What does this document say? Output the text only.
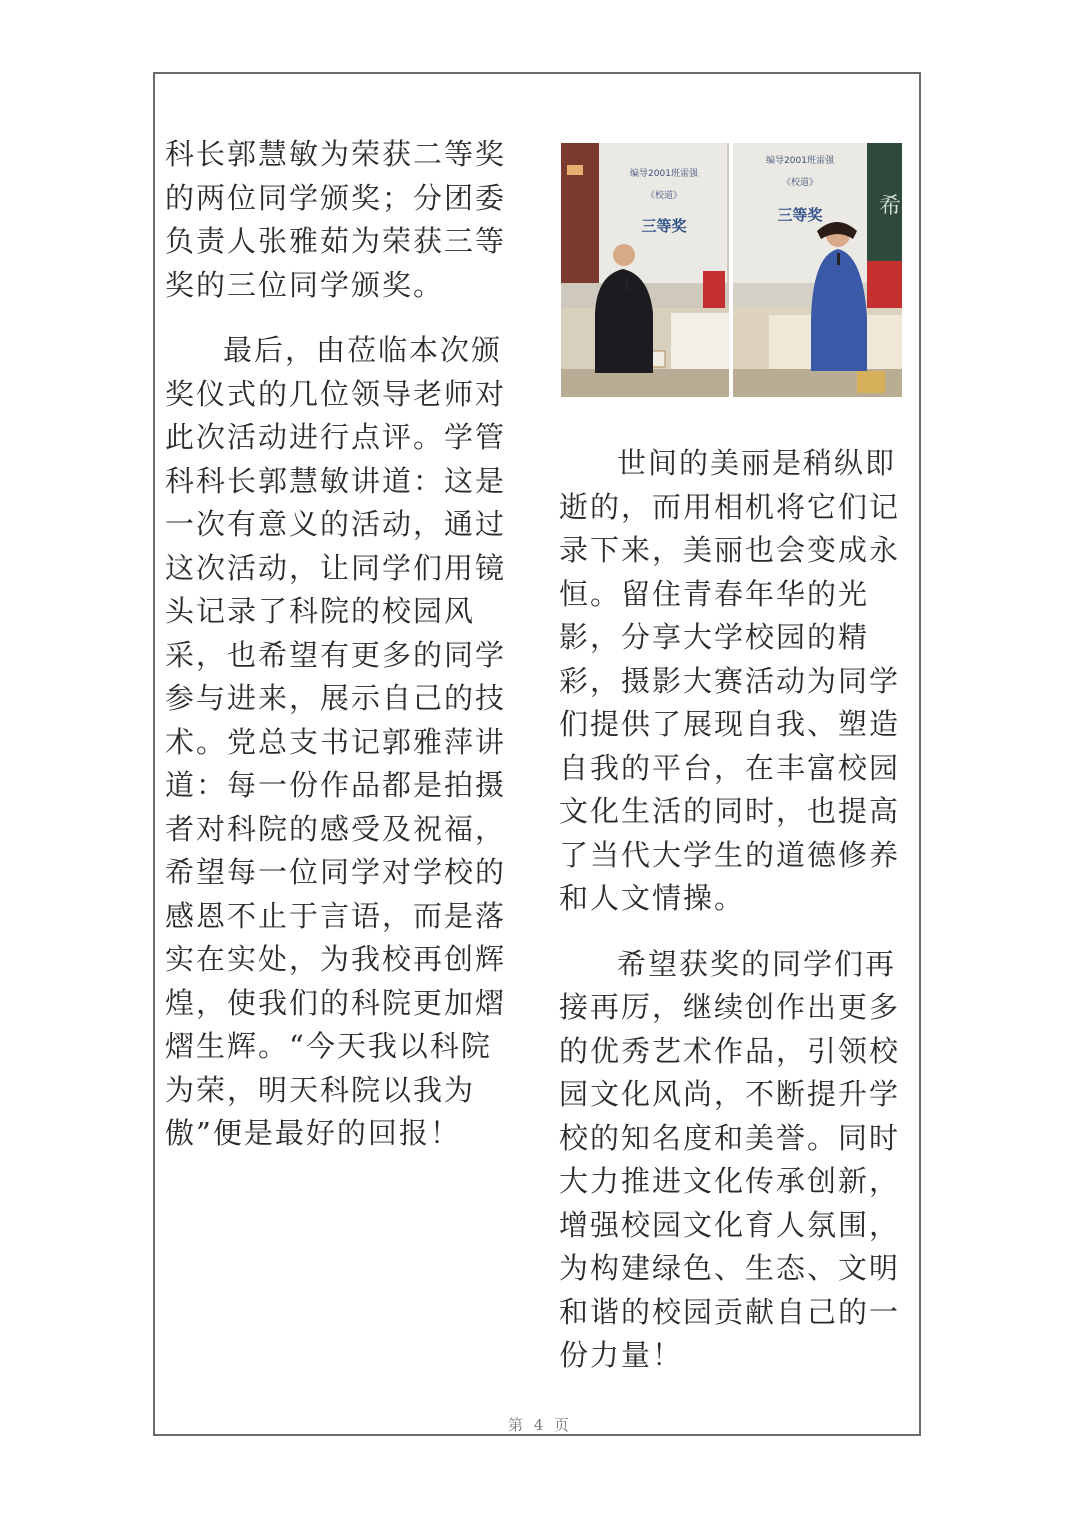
科长郭慧敏为荣获二等奖的两位同学颁奖；分团委负责人张雅茹为荣获三等奖的三位同学颁奖。

最后，由莅临本次颁奖仪式的几位领导老师对此次活动进行点评。学管科科长郭慧敏讲道：这是一次有意义的活动，通过这次活动，让同学们用镜头记录了科院的校园风采，也希望有更多的同学参与进来，展示自己的技术。党总支书记郭雅萍讲道：每一份作品都是拍摄者对科院的感受及祝福，希望每一位同学对学校的感恩不止于言语，而是落实在实处，为我校再创辉煌，使我们的科院更加熠熠生辉。“今天我以科院为荣，明天科院以我为傲”便是最好的回报！

编导2001班雷强
《校道》
三等奖
希
编导2001班雷强
《校道》
三等奖

世间的美丽是稍纵即逝的，而用相机将它们记录下来，美丽也会变成永恒。留住青春年华的光影，分享大学校园的精彩，摄影大赛活动为同学们提供了展现自我、塑造自我的平台，在丰富校园文化生活的同时，也提高了当代大学生的道德修养和人文情操。

希望获奖的同学们再接再厉，继续创作出更多的优秀艺术作品，引领校园文化风尚，不断提升学校的知名度和美誉。同时大力推进文化传承创新，增强校园文化育人氛围，为构建绿色、生态、文明和谐的校园贡献自己的一份力量！

第 4 页
